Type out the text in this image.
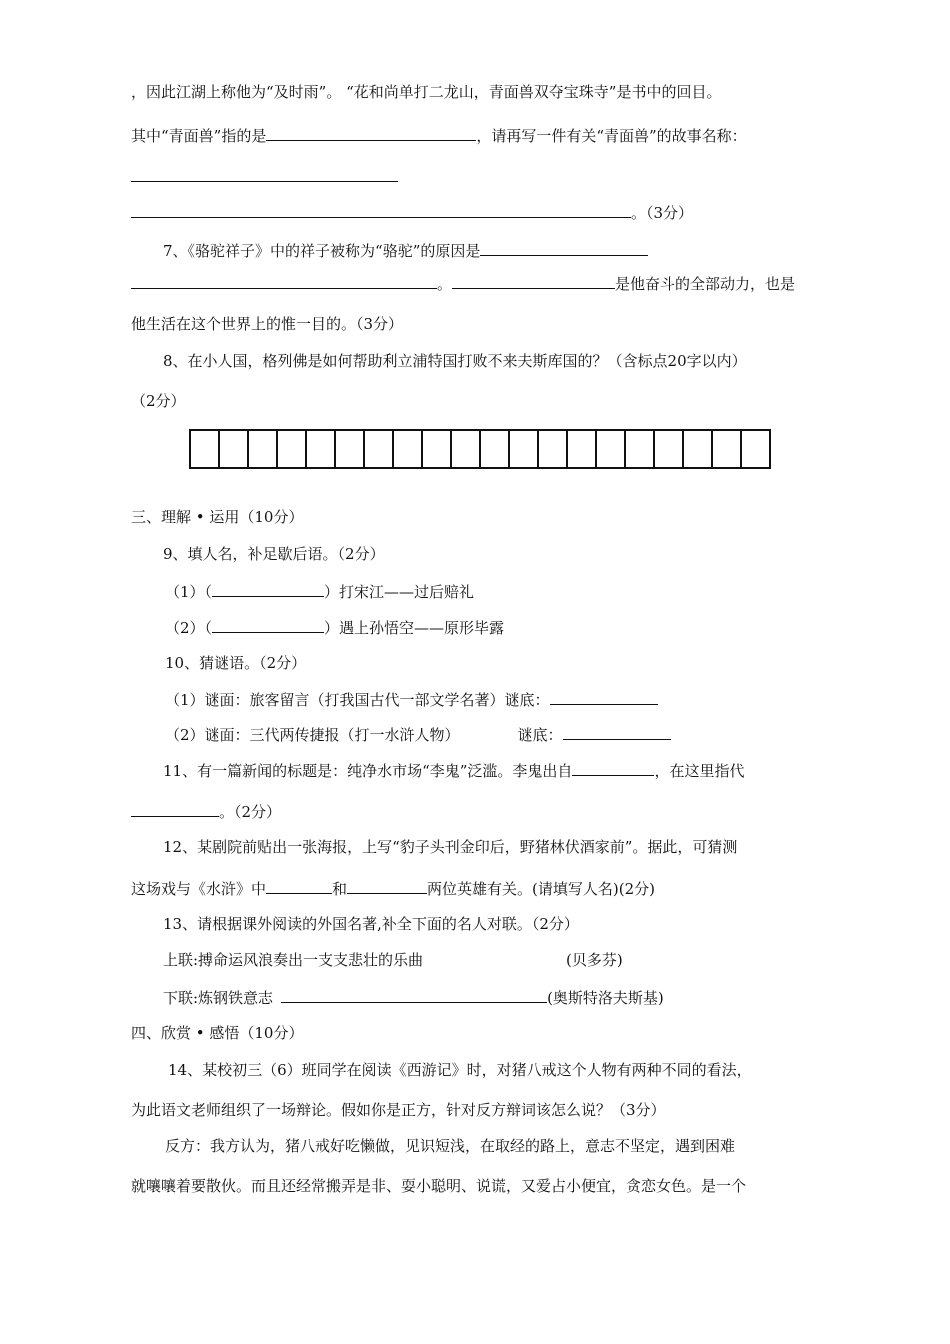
，因此江湖上称他为“及时雨”。 “花和尚单打二龙山，青面兽双夺宝珠寺”是书中的回目。
其中“青面兽”指的是	，请再写一件有关“青面兽”的故事名称：
。（3分）
7、《骆驼祥子》中的祥子被称为“骆驼”的原因是
。	是他奋斗的全部动力，也是
他生活在这个世界上的惟一目的。（3分）
8、在小人国，格列佛是如何帮助利立浦特国打败不来夫斯库国的？（含标点20字以内）
（2分）
三、理解 • 运用（10分）
9、填人名，补足歇后语。（2分）
（1）（	）打宋江——过后赔礼
（2）（	）遇上孙悟空——原形毕露
10、猜谜语。（2分）
（1）谜面：旅客留言（打我国古代一部文学名著）谜底：
（2）谜面：三代两传捷报（打一水浒人物）	谜底：
11、有一篇新闻的标题是：纯净水市场“李鬼”泛滥。李鬼出自	，在这里指代
。（2分）
12、某剧院前贴出一张海报，上写“豹子头刊金印后，野猪林伏酒家前”。据此，可猜测
这场戏与《水浒》中	和	两位英雄有关。(请填写人名)(2分)
13、请根据课外阅读的外国名著,补全下面的名人对联。（2分）
上联:搏命运风浪奏出一支支悲壮的乐曲	(贝多芬)
下联:炼钢铁意志	(奥斯特洛夫斯基)
四、欣赏 • 感悟（10分）
14、某校初三（6）班同学在阅读《西游记》时，对猪八戒这个人物有两种不同的看法，
为此语文老师组织了一场辩论。假如你是正方，针对反方辩词该怎么说？（3分）
反方：我方认为，猪八戒好吃懒做，见识短浅，在取经的路上，意志不坚定，遇到困难
就嚷嚷着要散伙。而且还经常搬弄是非、耍小聪明、说谎，又爱占小便宜，贪恋女色。是一个
